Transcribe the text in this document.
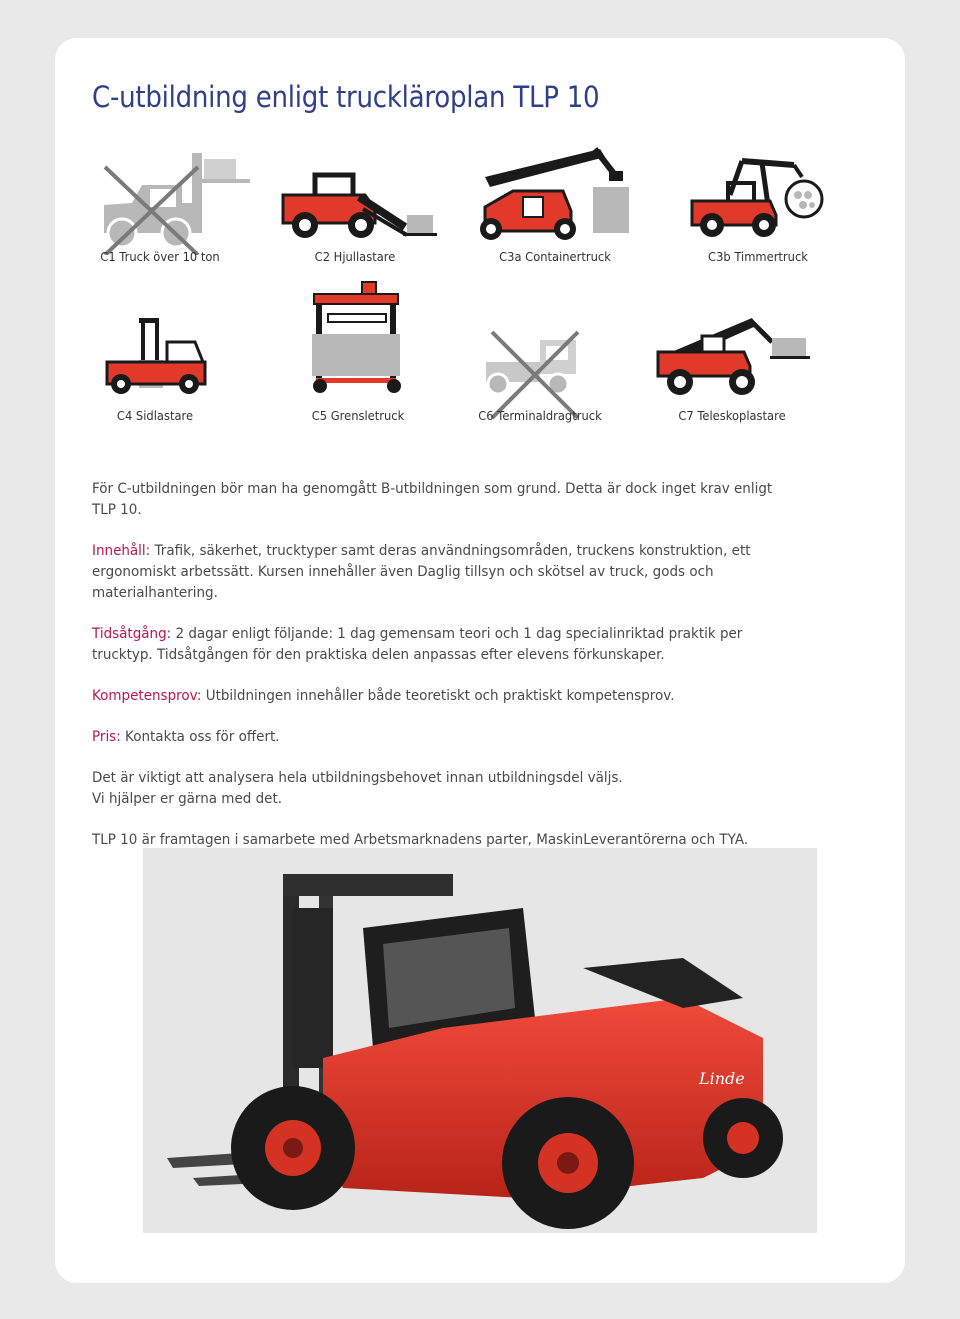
C-utbildning enligt truckläroplan TLP 10
C1 Truck över 10 ton	C2 Hjullastare	C3a Containertruck	C3b Timmertruck
C4 Sidlastare	C5 Grensletruck	C6 Terminaldragtruck	C7 Teleskoplastare

För C-utbildningen bör man ha genomgått B-utbildningen som grund. Detta är dock inget krav enligt TLP 10.

Innehåll: Trafik, säkerhet, trucktyper samt deras användningsområden, truckens konstruktion, ett ergonomiskt arbetssätt. Kursen innehåller även Daglig tillsyn och skötsel av truck, gods och materialhantering.

Tidsåtgång: 2 dagar enligt följande: 1 dag gemensam teori och 1 dag specialinriktad praktik per trucktyp. Tidsåtgången för den praktiska delen anpassas efter elevens förkunskaper.

Kompetensprov: Utbildningen innehåller både teoretiskt och praktiskt kompetensprov.

Pris: Kontakta oss för offert.

Det är viktigt att analysera hela utbildningsbehovet innan utbildningsdel väljs.

Vi hjälper er gärna med det.

TLP 10 är framtagen i samarbete med Arbetsmarknadens parter, MaskinLeverantörerna och TYA.

Linde
